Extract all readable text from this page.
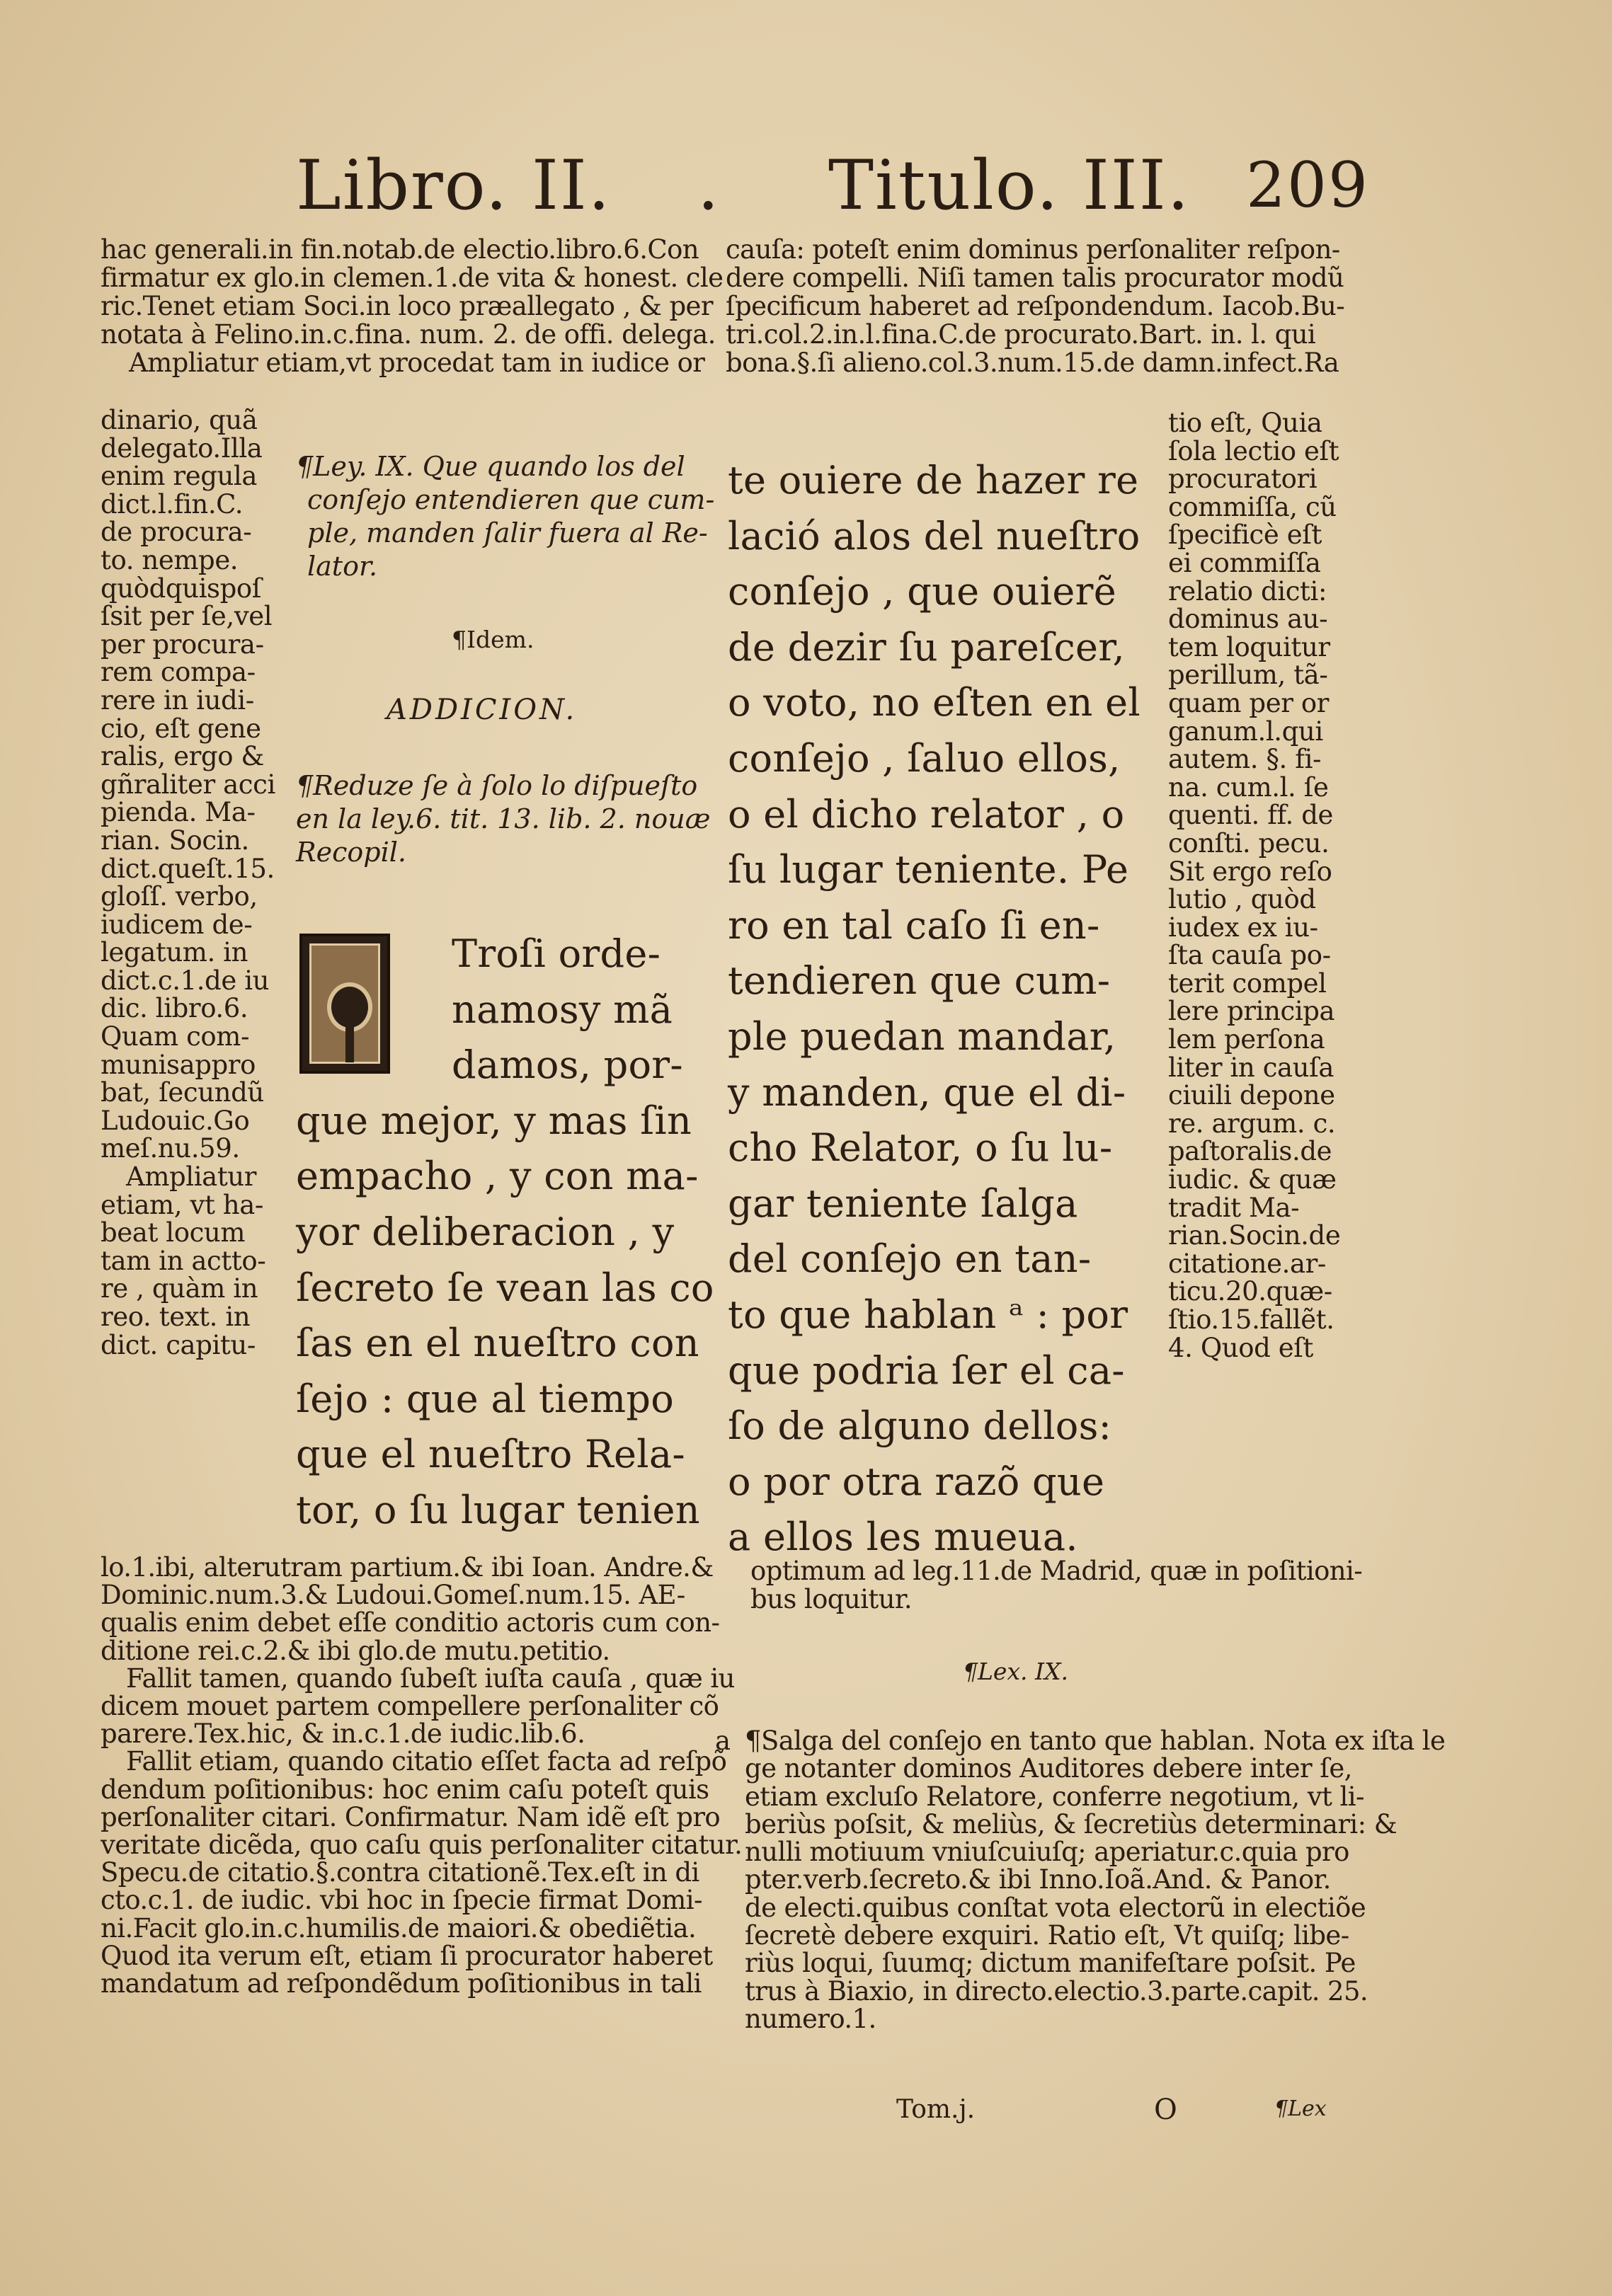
Libro. II. . Titulo. III. 209
hac generali.in fin.notab.de electio.libro.6.Con
firmatur ex glo.in clemen.1.de vita & honest. cle
ric.Tenet etiam Soci.in loco præallegato , & per
notata à Felino.in.c.fina. num. 2. de offi. delega.
Ampliatur etiam,vt procedat tam in iudice or
dinario, quã
delegato.Illa
enim regula
dict.l.fin.C.
de procura-
to. nempe.
quòdquispoſ
ſsit per ſe,vel
per procura-
rem compa-
rere in iudi-
cio, eſt gene
ralis, ergo &
gñraliter acci
pienda. Ma-
rian. Socin.
dict.queſt.15.
gloſſ. verbo,
iudicem de-
legatum. in
dict.c.1.de iu
dic. libro.6.
Quam com-
munisappro
bat, ſecundũ
Ludouic.Go
meſ.nu.59.
Ampliatur
etiam, vt ha-
beat locum
tam in actto-
re , quàm in
reo. text. in
dict. capitu-
¶Ley. IX. Que quando los del
conſejo entendieren que cum-
ple, manden ſalir fuera al Re-
lator.
¶Idem.
ADDICION.
¶Reduze ſe à ſolo lo diſpueſto
en la ley.6. tit. 13. lib. 2. nouæ
Recopil.
Troſi orde-
namosy mã
damos, por-
que mejor, y mas ſin
empacho , y con ma-
yor deliberacion , y
ſecreto ſe vean las co
ſas en el nueſtro con
ſejo : que al tiempo
que el nueſtro Rela-
tor, o ſu lugar tenien
lo.1.ibi, alterutram partium.& ibi Ioan. Andre.&
Dominic.num.3.& Ludoui.Gomeſ.num.15. AE-
qualis enim debet eſſe conditio actoris cum con-
ditione rei.c.2.& ibi glo.de mutu.petitio.
Fallit tamen, quando ſubeſt iuſta cauſa , quæ iu
dicem mouet partem compellere perſonaliter cõ
parere.Tex.hic, & in.c.1.de iudic.lib.6.
Fallit etiam, quando citatio eſſet facta ad reſpõ
dendum poſitionibus: hoc enim caſu poteſt quis
perſonaliter citari. Confirmatur. Nam idẽ eſt pro
veritate dicẽda, quo caſu quis perſonaliter citatur.
Specu.de citatio.§.contra citationẽ.Tex.eſt in di
cto.c.1. de iudic. vbi hoc in ſpecie firmat Domi-
ni.Facit glo.in.c.humilis.de maiori.& obediẽtia.
Quod ita verum eſt, etiam ſi procurator haberet
mandatum ad reſpondẽdum poſitionibus in tali
cauſa: poteſt enim dominus perſonaliter reſpon-
dere compelli. Niſi tamen talis procurator modũ
ſpecificum haberet ad reſpondendum. Iacob.Bu-
tri.col.2.in.l.fina.C.de procurato.Bart. in. l. qui
bona.§.ſi alieno.col.3.num.15.de damn.infect.Ra
te ouiere de hazer re
lació alos del nueſtro
conſejo , que ouierẽ
de dezir ſu pareſcer,
o voto, no eſten en el
conſejo , ſaluo ellos,
o el dicho relator , o
ſu lugar teniente. Pe
ro en tal caſo ſi en-
tendieren que cum-
ple puedan mandar,
y manden, que el di-
cho Relator, o ſu lu-
gar teniente ſalga
del conſejo en tan-
to que hablan ᵃ : por
que podria ſer el ca-
ſo de alguno dellos:
o por otra razõ que
a ellos les mueua.
tio eſt, Quia
ſola lectio eſt
procuratori
commiſſa, cũ
ſpecificè eſt
ei commiſſa
relatio dicti:
dominus au-
tem loquitur
perillum, tã-
quam per or
ganum.l.qui
autem. §. fi-
na. cum.l. ſe
quenti. ff. de
conſti. pecu.
Sit ergo reſo
lutio , quòd
iudex ex iu-
ſta cauſa po-
terit compel
lere principa
lem perſona
liter in cauſa
ciuili depone
re. argum. c.
paſtoralis.de
iudic. & quæ
tradit Ma-
rian.Socin.de
citatione.ar-
ticu.20.quæ-
ſtio.15.fallẽt.
4. Quod eſt
optimum ad leg.11.de Madrid, quæ in poſitioni-
bus loquitur.
¶Lex. IX.
a ¶Salga del conſejo en tanto que hablan. Nota ex iſta le
ge notanter dominos Auditores debere inter ſe,
etiam excluſo Relatore, conferre negotium, vt li-
beriùs poſsit, & meliùs, & ſecretiùs determinari: &
nulli motiuum vniuſcuiuſq; aperiatur.c.quia pro
pter.verb.ſecreto.& ibi Inno.Ioã.And. & Panor.
de electi.quibus conſtat vota electorũ in electiõe
ſecretè debere exquiri. Ratio eſt, Vt quiſq; libe-
riùs loqui, ſuumq; dictum manifeſtare poſsit. Pe
trus à Biaxio, in directo.electio.3.parte.capit. 25.
numero.1.
Tom.j.	O	¶Lex
